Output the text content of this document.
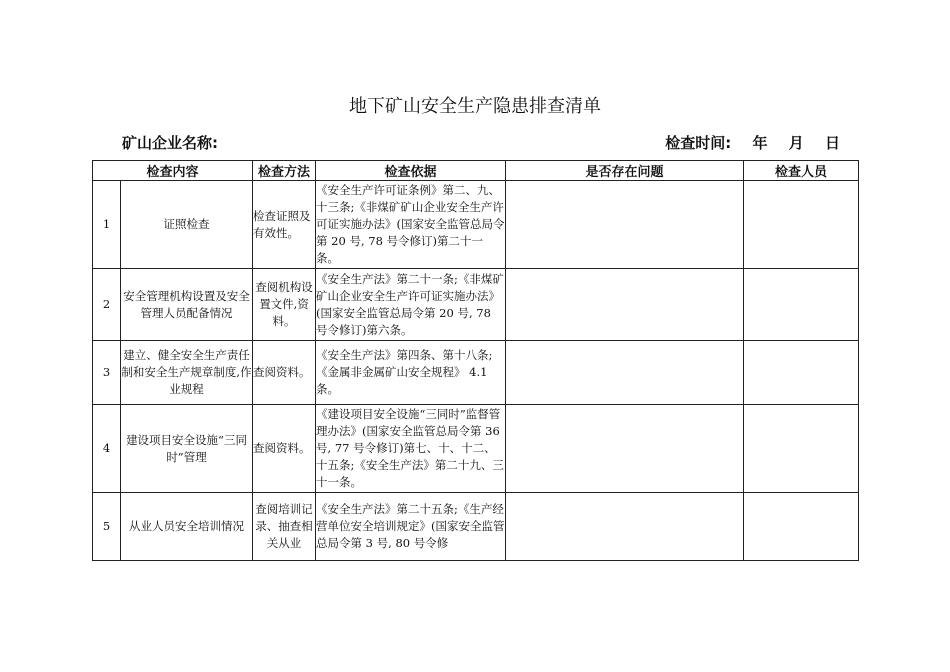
地下矿山安全生产隐患排查清单
矿山企业名称:	检查时间: 年 月 日
检查内容		检查方法	检查依据	是否存在问题	检查人员
1	证照检查	检查证照及有效性。	《安全生产许可证条例》第二、九、十三条;《非煤矿矿山企业安全生产许可证实施办法》(国家安全监管总局令第 20 号, 78 号令修订)第二十一条。		
2	安全管理机构设置及安全管理人员配备情况	查阅机构设置文件,资料。	《安全生产法》第二十一条;《非煤矿矿山企业安全生产许可证实施办法》(国家安全监管总局令第 20 号, 78 号令修订)第六条。		
3	建立、健全安全生产责任制和安全生产规章制度,作业规程	查阅资料。	《安全生产法》第四条、第十八条;《金属非金属矿山安全规程》 4.1 条。		
4	建设项目安全设施“三同时”管理	查阅资料。	《建设项目安全设施“三同时”监督管理办法》(国家安全监管总局令第 36 号, 77 号令修订)第七、十、十二、十五条;《安全生产法》第二十九、三十一条。		
5	从业人员安全培训情况	查阅培训记录、抽查相关从业	《安全生产法》第二十五条;《生产经营单位安全培训规定》(国家安全监管总局令第 3 号, 80 号令修		
